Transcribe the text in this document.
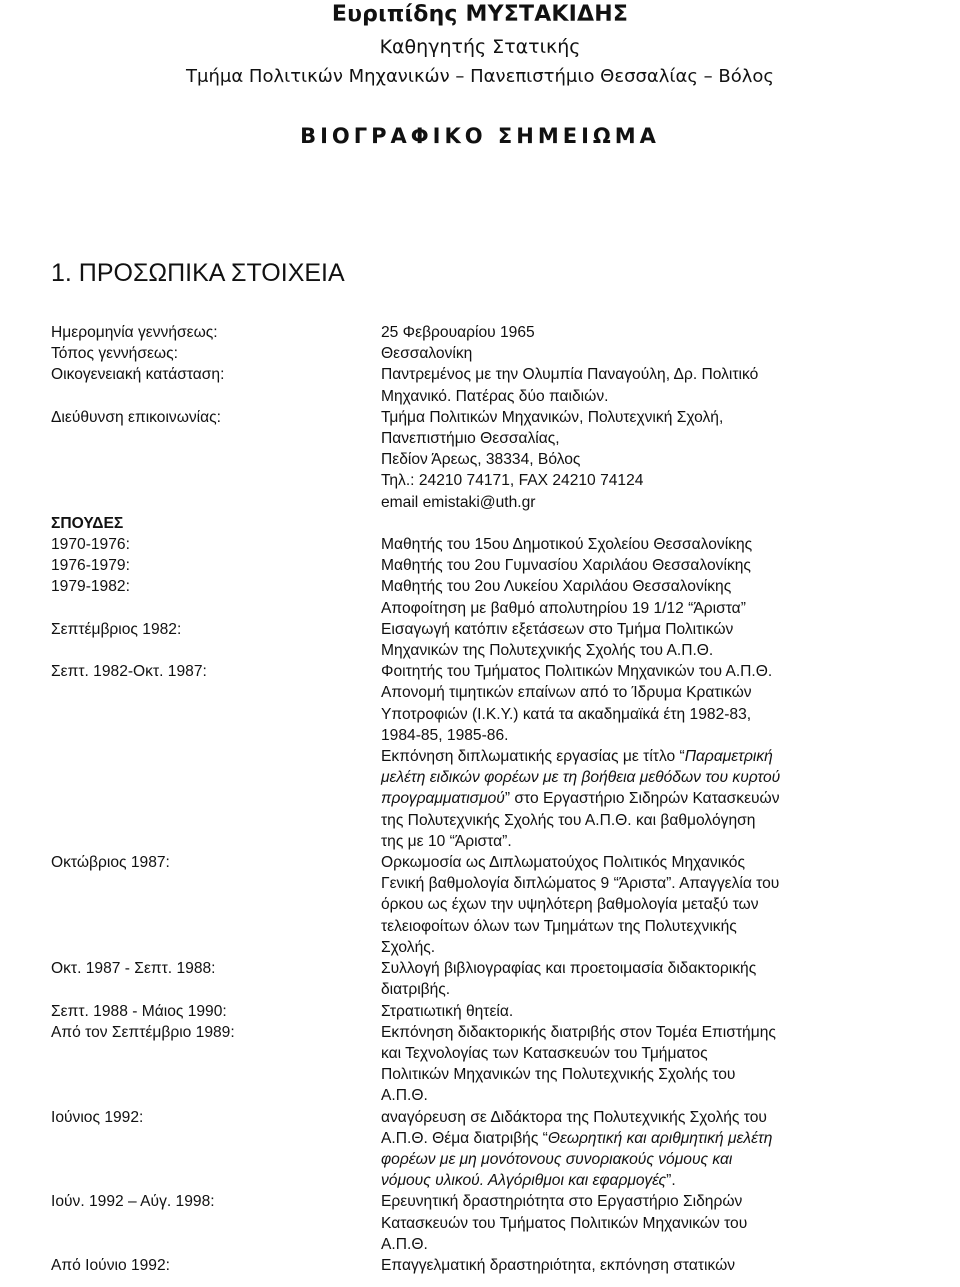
Ευριπίδης ΜΥΣΤΑΚΙΔΗΣ
Καθηγητής Στατικής
Τμήμα Πολιτικών Μηχανικών – Πανεπιστήμιο Θεσσαλίας – Βόλος
ΒΙΟΓΡΑΦΙΚΟ ΣΗΜΕΙΩΜΑ
1. ΠΡΟΣΩΠΙΚΑ ΣΤΟΙΧΕΙΑ
Ημερομηνία γεννήσεως:	25 Φεβρουαρίου 1965
Τόπος γεννήσεως:	Θεσσαλονίκη
Οικογενειακή κατάσταση:	Παντρεμένος με την Ολυμπία Παναγούλη, Δρ. Πολιτικό

Μηχανικό. Πατέρας δύο παιδιών.
Διεύθυνση επικοινωνίας:	Τμήμα Πολιτικών Μηχανικών, Πολυτεχνική Σχολή,

Πανεπιστήμιο Θεσσαλίας,

Πεδίον Άρεως, 38334, Βόλος

Τηλ.: 24210 74171, FAX 24210 74124

email emistaki@uth.gr
ΣΠΟΥΔΕΣ

1970-1976:	Μαθητής του 15ου Δημοτικού Σχολείου Θεσσαλονίκης
1976-1979:	Μαθητής του 2ου Γυμνασίου Χαριλάου Θεσσαλονίκης
1979-1982:	Μαθητής του 2ου Λυκείου Χαριλάου Θεσσαλονίκης

Αποφοίτηση με βαθμό απολυτηρίου 19 1/12 “Άριστα”
Σεπτέμβριος 1982:	Εισαγωγή κατόπιν εξετάσεων στο Τμήμα Πολιτικών

Μηχανικών της Πολυτεχνικής Σχολής του Α.Π.Θ.
Σεπτ. 1982-Οκτ. 1987:	Φοιτητής του Τμήματος Πολιτικών Μηχανικών του Α.Π.Θ.

Απονομή τιμητικών επαίνων από το Ίδρυμα Κρατικών

Υποτροφιών (Ι.Κ.Υ.) κατά τα ακαδημαϊκά έτη 1982-83,

1984-85, 1985-86.

Εκπόνηση διπλωματικής εργασίας με τίτλο “Παραμετρική

μελέτη ειδικών φορέων με τη βοήθεια μεθόδων του κυρτού

προγραμματισμού” στο Εργαστήριο Σιδηρών Κατασκευών

της Πολυτεχνικής Σχολής του Α.Π.Θ. και βαθμολόγηση

της με 10 “Άριστα”.
Οκτώβριος 1987:	Ορκωμοσία ως Διπλωματούχος Πολιτικός Μηχανικός

Γενική βαθμολογία διπλώματος 9 “Άριστα”. Απαγγελία του

όρκου ως έχων την υψηλότερη βαθμολογία μεταξύ των

τελειοφοίτων όλων των Τμημάτων της Πολυτεχνικής

Σχολής.
Οκτ. 1987 - Σεπτ. 1988:	Συλλογή βιβλιογραφίας και προετοιμασία διδακτορικής

διατριβής.
Σεπτ. 1988 - Μάιος 1990:	Στρατιωτική θητεία.
Από τον Σεπτέμβριο 1989:	Εκπόνηση διδακτορικής διατριβής στον Τομέα Επιστήμης

και Τεχνολογίας των Κατασκευών του Τμήματος

Πολιτικών Μηχανικών της Πολυτεχνικής Σχολής του

Α.Π.Θ.
Ιούνιος 1992:	αναγόρευση σε Διδάκτορα της Πολυτεχνικής Σχολής του

Α.Π.Θ. Θέμα διατριβής “Θεωρητική και αριθμητική μελέτη

φορέων με μη μονότονους συνοριακούς νόμους και

νόμους υλικού. Αλγόριθμοι και εφαρμογές”.
Ιούν. 1992 – Αύγ. 1998:	Ερευνητική δραστηριότητα στο Εργαστήριο Σιδηρών

Κατασκευών του Τμήματος Πολιτικών Μηχανικών του

Α.Π.Θ.
Από Ιούνιο 1992:	Επαγγελματική δραστηριότητα, εκπόνηση στατικών
